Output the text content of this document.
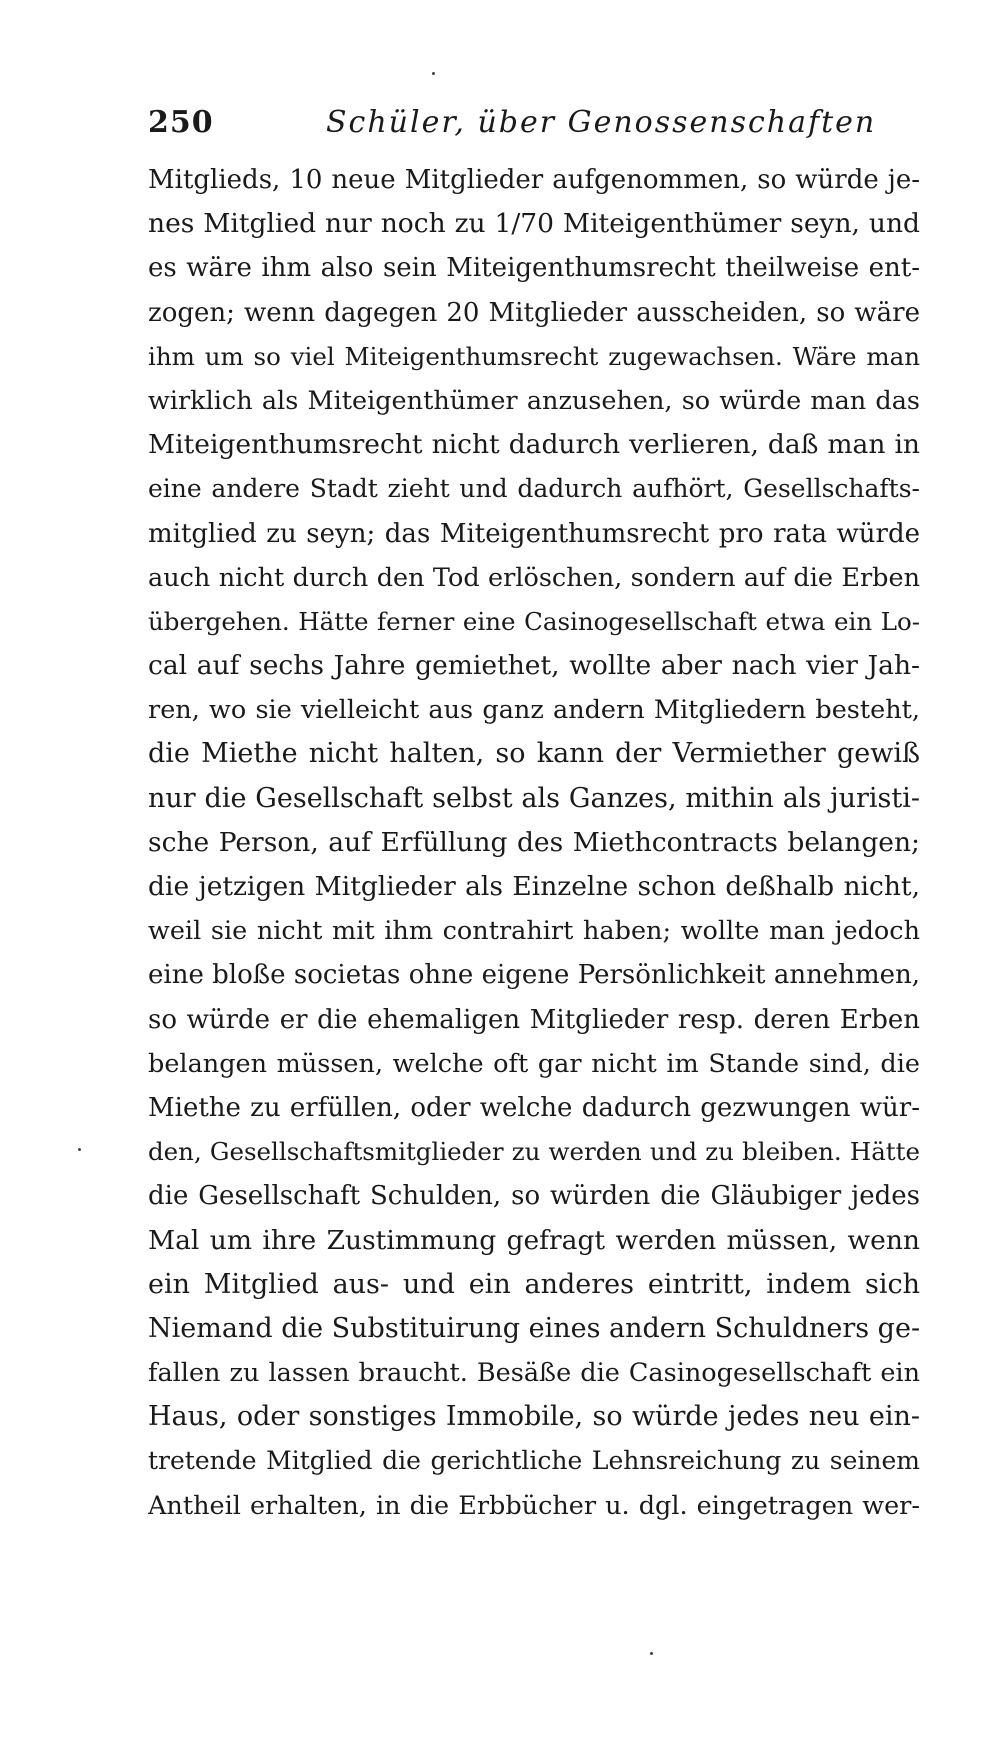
250	Schüler, über Genossenschaften
Mitglieds, 10 neue Mitglieder aufgenommen, so würde je-
nes Mitglied nur noch zu 1/70 Miteigenthümer seyn, und
es wäre ihm also sein Miteigenthumsrecht theilweise ent-
zogen; wenn dagegen 20 Mitglieder ausscheiden, so wäre
ihm um so viel Miteigenthumsrecht zugewachsen. Wäre man
wirklich als Miteigenthümer anzusehen, so würde man das
Miteigenthumsrecht nicht dadurch verlieren, daß man in
eine andere Stadt zieht und dadurch aufhört, Gesellschafts-
mitglied zu seyn; das Miteigenthumsrecht pro rata würde
auch nicht durch den Tod erlöschen, sondern auf die Erben
übergehen. Hätte ferner eine Casinogesellschaft etwa ein Lo-
cal auf sechs Jahre gemiethet, wollte aber nach vier Jah-
ren, wo sie vielleicht aus ganz andern Mitgliedern besteht,
die Miethe nicht halten, so kann der Vermiether gewiß
nur die Gesellschaft selbst als Ganzes, mithin als juristi-
sche Person, auf Erfüllung des Miethcontracts belangen;
die jetzigen Mitglieder als Einzelne schon deßhalb nicht,
weil sie nicht mit ihm contrahirt haben; wollte man jedoch
eine bloße societas ohne eigene Persönlichkeit annehmen,
so würde er die ehemaligen Mitglieder resp. deren Erben
belangen müssen, welche oft gar nicht im Stande sind, die
Miethe zu erfüllen, oder welche dadurch gezwungen wür-
den, Gesellschaftsmitglieder zu werden und zu bleiben. Hätte
die Gesellschaft Schulden, so würden die Gläubiger jedes
Mal um ihre Zustimmung gefragt werden müssen, wenn
ein Mitglied aus- und ein anderes eintritt, indem sich
Niemand die Substituirung eines andern Schuldners ge-
fallen zu lassen braucht. Besäße die Casinogesellschaft ein
Haus, oder sonstiges Immobile, so würde jedes neu ein-
tretende Mitglied die gerichtliche Lehnsreichung zu seinem
Antheil erhalten, in die Erbbücher u. dgl. eingetragen wer-
